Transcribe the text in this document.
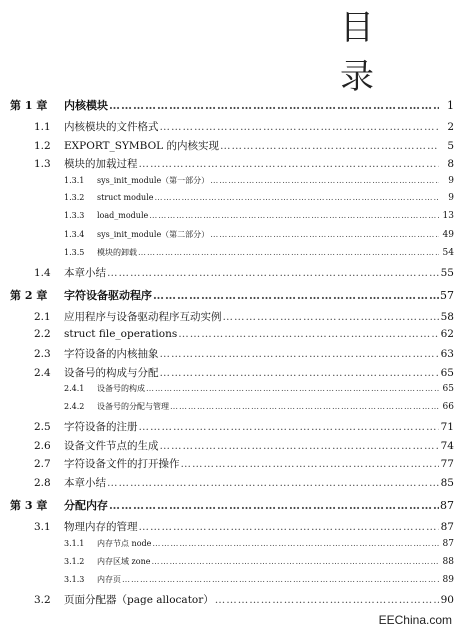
目 录
第 1 章	内核模块 ……………………………………………………………………………………………………………………………………………………………………………………………………………	1
1.1	内核模块的文件格式 ……………………………………………………………………………………………………………………………………………………………………………………………………………	2
1.2	EXPORT_SYMBOL 的内核实现 ……………………………………………………………………………………………………………………………………………………………………………………………………………	5
1.3	模块的加载过程 ……………………………………………………………………………………………………………………………………………………………………………………………………………	8
1.3.1	sys_init_module（第一部分） ……………………………………………………………………………………………………………………………………………………………………………………………………………	9
1.3.2	struct module ……………………………………………………………………………………………………………………………………………………………………………………………………………	9
1.3.3	load_module ……………………………………………………………………………………………………………………………………………………………………………………………………………	13
1.3.4	sys_init_module（第二部分） ……………………………………………………………………………………………………………………………………………………………………………………………………………	49
1.3.5	模块的卸载 ……………………………………………………………………………………………………………………………………………………………………………………………………………	54
1.4	本章小结 ……………………………………………………………………………………………………………………………………………………………………………………………………………	55
第 2 章	字符设备驱动程序 ……………………………………………………………………………………………………………………………………………………………………………………………………………	57
2.1	应用程序与设备驱动程序互动实例 ……………………………………………………………………………………………………………………………………………………………………………………………………………	58
2.2	struct file_operations ……………………………………………………………………………………………………………………………………………………………………………………………………………	62
2.3	字符设备的内核抽象 ……………………………………………………………………………………………………………………………………………………………………………………………………………	63
2.4	设备号的构成与分配 ……………………………………………………………………………………………………………………………………………………………………………………………………………	65
2.4.1	设备号的构成 ……………………………………………………………………………………………………………………………………………………………………………………………………………	65
2.4.2	设备号的分配与管理 ……………………………………………………………………………………………………………………………………………………………………………………………………………	66
2.5	字符设备的注册 ……………………………………………………………………………………………………………………………………………………………………………………………………………	71
2.6	设备文件节点的生成 ……………………………………………………………………………………………………………………………………………………………………………………………………………	74
2.7	字符设备文件的打开操作 ……………………………………………………………………………………………………………………………………………………………………………………………………………	77
2.8	本章小结 ……………………………………………………………………………………………………………………………………………………………………………………………………………	85
第 3 章	分配内存 ……………………………………………………………………………………………………………………………………………………………………………………………………………	87
3.1	物理内存的管理 ……………………………………………………………………………………………………………………………………………………………………………………………………………	87
3.1.1	内存节点 node ……………………………………………………………………………………………………………………………………………………………………………………………………………	87
3.1.2	内存区域 zone ……………………………………………………………………………………………………………………………………………………………………………………………………………	88
3.1.3	内存页 ……………………………………………………………………………………………………………………………………………………………………………………………………………	89
3.2	页面分配器（page allocator） ……………………………………………………………………………………………………………………………………………………………………………………………………………	90
EEChina.com
